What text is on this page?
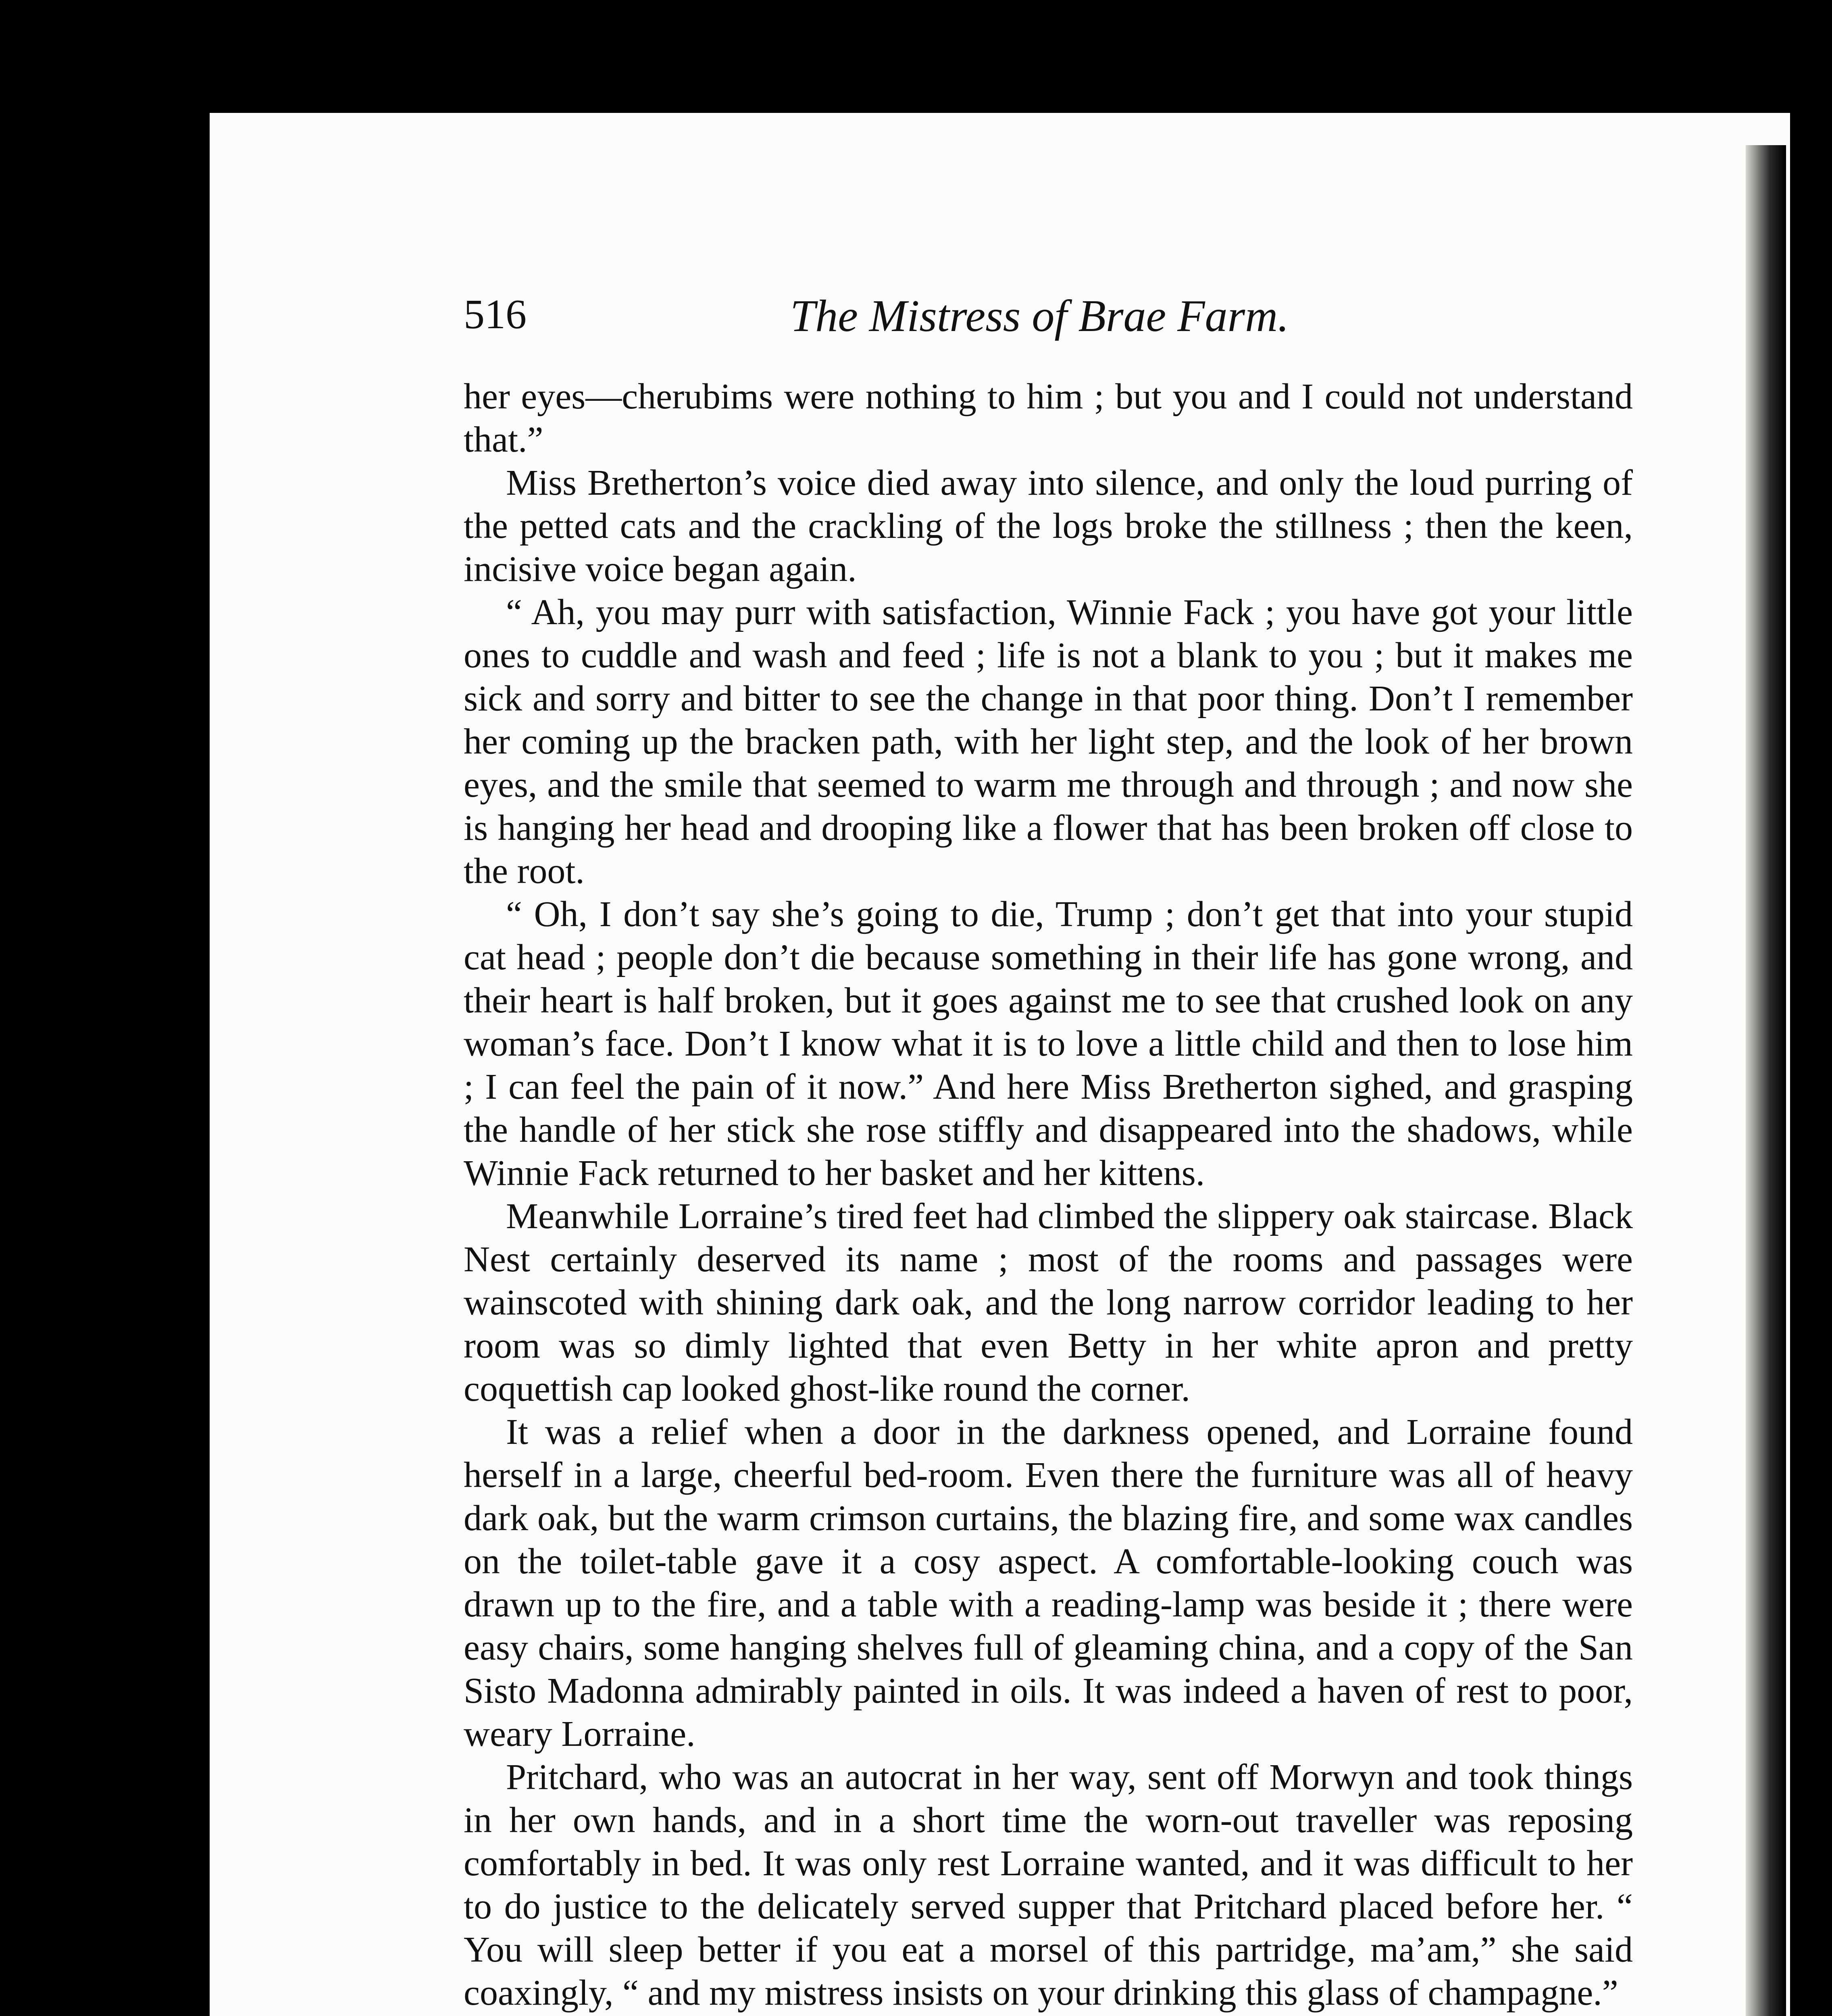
516	The Mistress of Brae Farm.

her eyes—cherubims were nothing to him ; but you and I could not understand that.”

Miss Bretherton’s voice died away into silence, and only the loud purring of the petted cats and the crackling of the logs broke the stillness ; then the keen, incisive voice began again.

“ Ah, you may purr with satisfaction, Winnie Fack ; you have got your little ones to cuddle and wash and feed ; life is not a blank to you ; but it makes me sick and sorry and bitter to see the change in that poor thing. Don’t I remember her coming up the bracken path, with her light step, and the look of her brown eyes, and the smile that seemed to warm me through and through ; and now she is hanging her head and drooping like a flower that has been broken off close to the root.

“ Oh, I don’t say she’s going to die, Trump ; don’t get that into your stupid cat head ; people don’t die because something in their life has gone wrong, and their heart is half broken, but it goes against me to see that crushed look on any woman’s face. Don’t I know what it is to love a little child and then to lose him ; I can feel the pain of it now.” And here Miss Bretherton sighed, and grasping the handle of her stick she rose stiffly and disappeared into the shadows, while Winnie Fack returned to her basket and her kittens.

Meanwhile Lorraine’s tired feet had climbed the slippery oak staircase. Black Nest certainly deserved its name ; most of the rooms and passages were wainscoted with shining dark oak, and the long narrow corridor leading to her room was so dimly lighted that even Betty in her white apron and pretty coquettish cap looked ghost-like round the corner.

It was a relief when a door in the darkness opened, and Lorraine found herself in a large, cheerful bed-room. Even there the furniture was all of heavy dark oak, but the warm crimson curtains, the blazing fire, and some wax candles on the toilet-table gave it a cosy aspect. A comfortable-looking couch was drawn up to the fire, and a table with a reading-lamp was beside it ; there were easy chairs, some hanging shelves full of gleaming china, and a copy of the San Sisto Madonna admirably painted in oils. It was indeed a haven of rest to poor, weary Lorraine.

Pritchard, who was an autocrat in her way, sent off Morwyn and took things in her own hands, and in a short time the worn-out traveller was reposing comfortably in bed. It was only rest Lorraine wanted, and it was difficult to her to do justice to the delicately served supper that Pritchard placed before her. “ You will sleep better if you eat a morsel of this partridge, ma’am,” she said coaxingly, “ and my mistress insists on your drinking this glass of champagne.”
